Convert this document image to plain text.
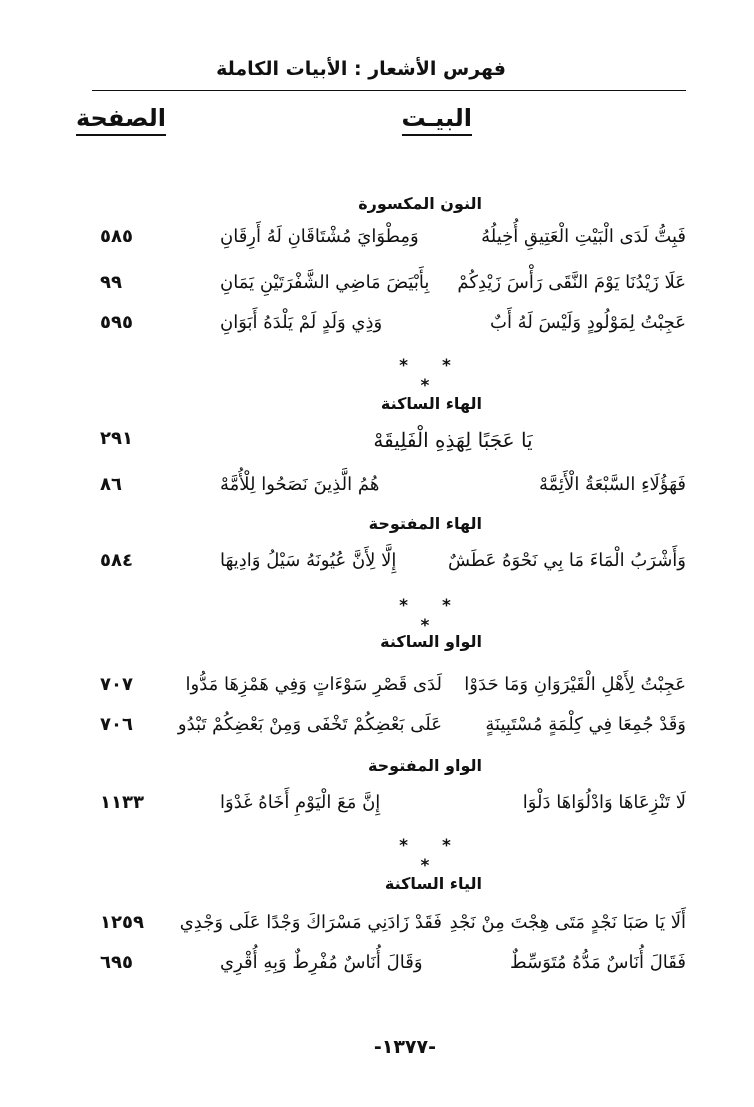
فهرس الأشعار : الأبيات الكاملة
البيـت
الصفحة
النون المكسورة
فَبِتُّ لَدَى الْبَيْتِ الْعَتِيقِ أُخِيلُهُ
وَمِطْوَايَ مُشْتَاقَانِ لَهُ أَرِقَانِ
٥٨٥
عَلَا زَيْدُنَا يَوْمَ النَّقَى رَأْسَ زَيْدِكُمْ
بِأَبْيَضَ مَاضِي الشَّفْرَتَيْنِ يَمَانِ
٩٩
عَجِبْتُ لِمَوْلُودٍ وَلَيْسَ لَهُ أَبٌ
وَذِي وَلَدٍ لَمْ يَلْدَهُ أَبَوَانِ
٥٩٥
* * *
الهاء الساكنة
يَا عَجَبًا لِهَذِهِ الْفَلِيقَهْ
٢٩١
فَهَؤُلَاءِ السَّبْعَةُ الْأَئِمَّهْ
هُمُ الَّذِينَ نَصَحُوا لِلْأُمَّهْ
٨٦
الهاء المفتوحة
وَأَشْرَبُ الْمَاءَ مَا بِي نَحْوَهُ عَطَشٌ
إِلَّا لِأَنَّ عُيُونَهُ سَيْلُ وَادِيهَا
٥٨٤
* * *
الواو الساكنة
عَجِبْتُ لِأَهْلِ الْقَيْرَوَانِ وَمَا حَدَوْا
لَدَى قَصْرِ سَوْءَاتٍ وَفِي هَمْزِهَا مَدُّوا
٧٠٧
وَقَدْ جُمِعَا فِي كِلْمَةٍ مُسْتَبِينَةٍ
عَلَى بَعْضِكُمْ تَخْفَى وَمِنْ بَعْضِكُمْ تَبْدُو
٧٠٦
الواو المفتوحة
لَا تَنْزِعَاهَا وَادْلُوَاهَا دَلْوَا
إِنَّ مَعَ الْيَوْمِ أَخَاهُ غَدْوَا
١١٣٣
* * *
الياء الساكنة
أَلَا يَا صَبَا نَجْدٍ مَتَى هِجْتَ مِنْ نَجْدِ
فَقَدْ زَادَنِي مَسْرَاكَ وَجْدًا عَلَى وَجْدِي
١٢٥٩
فَقَالَ أُنَاسٌ مَدُّهُ مُتَوَسِّطٌ
وَقَالَ أُنَاسٌ مُفْرِطٌ وَبِهِ أُقْرِي
٦٩٥
-١٣٧٧-
